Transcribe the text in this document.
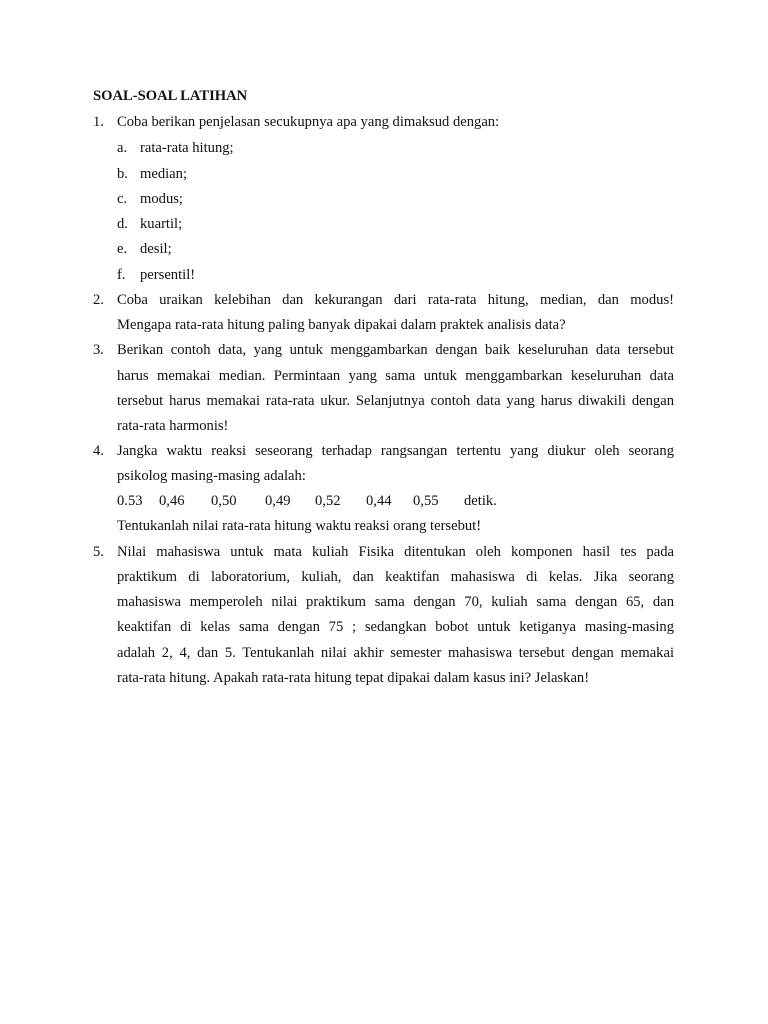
SOAL-SOAL LATIHAN
1. Coba berikan penjelasan secukupnya apa yang dimaksud dengan:
a. rata-rata hitung;
b. median;
c. modus;
d. kuartil;
e. desil;
f. persentil!
2. Coba uraikan kelebihan dan kekurangan dari rata-rata hitung, median, dan modus!
Mengapa rata-rata hitung paling banyak dipakai dalam praktek analisis data?
3. Berikan contoh data, yang untuk menggambarkan dengan baik keseluruhan data tersebut
harus memakai median. Permintaan yang sama untuk menggambarkan keseluruhan data
tersebut harus memakai rata-rata ukur. Selanjutnya contoh data yang harus diwakili dengan
rata-rata harmonis!
4. Jangka waktu reaksi seseorang terhadap rangsangan tertentu yang diukur oleh seorang
psikolog masing-masing adalah:
0.53 0,46 0,50 0,49 0,52 0,44 0,55 detik.
Tentukanlah nilai rata-rata hitung waktu reaksi orang tersebut!
5. Nilai mahasiswa untuk mata kuliah Fisika ditentukan oleh komponen hasil tes pada
praktikum di laboratorium, kuliah, dan keaktifan mahasiswa di kelas. Jika seorang
mahasiswa memperoleh nilai praktikum sama dengan 70, kuliah sama dengan 65, dan
keaktifan di kelas sama dengan 75 ; sedangkan bobot untuk ketiganya masing-masing
adalah 2, 4, dan 5. Tentukanlah nilai akhir semester mahasiswa tersebut dengan memakai
rata-rata hitung. Apakah rata-rata hitung tepat dipakai dalam kasus ini? Jelaskan!
